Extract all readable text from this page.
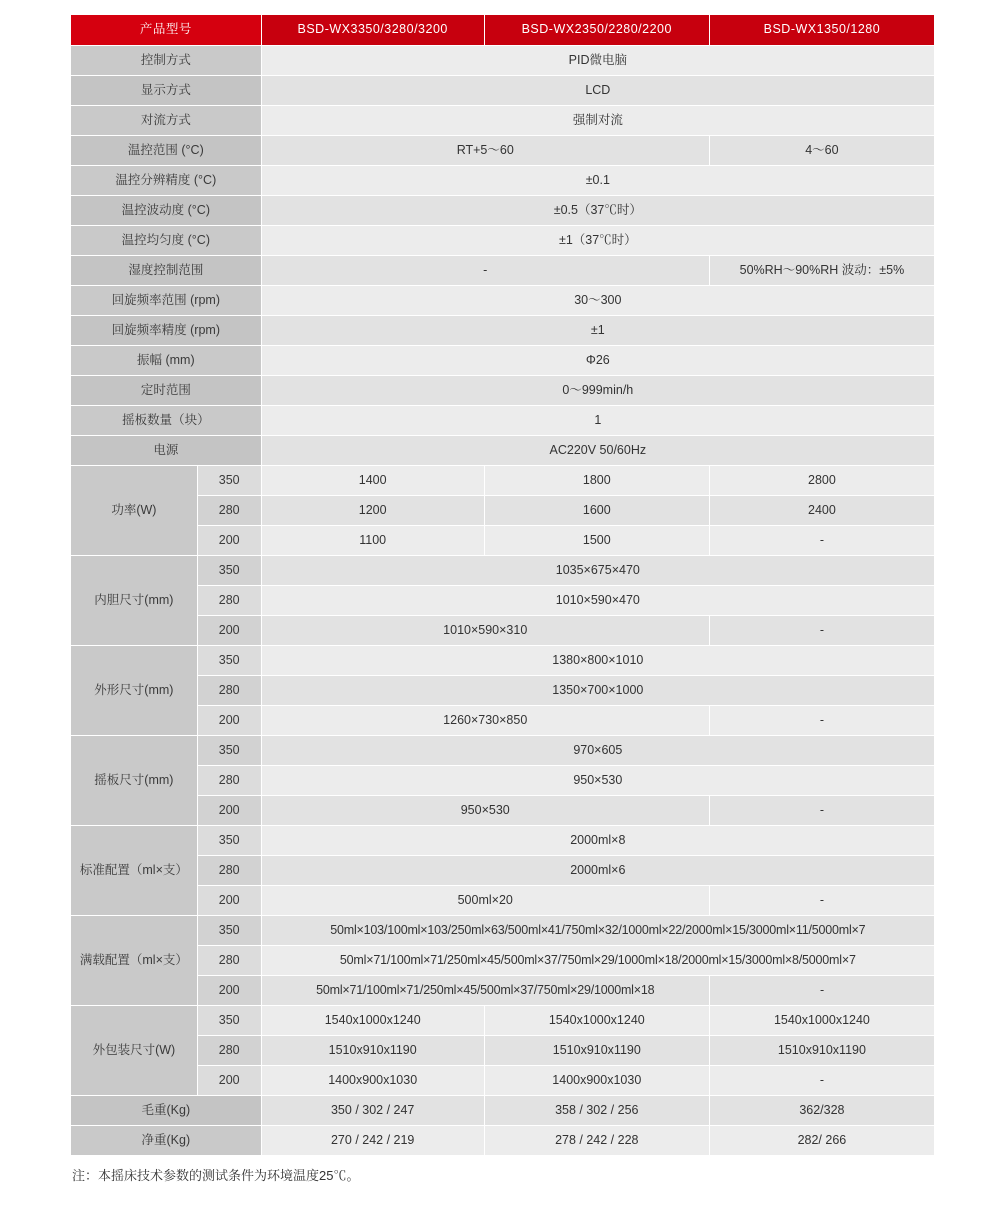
产品型号		BSD-WX3350/3280/3200	BSD-WX2350/2280/2200	BSD-WX1350/1280
控制方式		PID微电脑		
显示方式		LCD		
对流方式		强制对流		
温控范围 (°C)		RT+5〜60		4〜60
温控分辨精度 (°C)		±0.1		
温控波动度 (°C)		±0.5（37℃时）		
温控均匀度 (°C)		±1（37℃时）		
湿度控制范围		-		50%RH〜90%RH 波动：±5%
回旋频率范围 (rpm)		30〜300		
回旋频率精度 (rpm)		±1		
振幅 (mm)		Φ26		
定时范围		0〜999min/h		
摇板数量（块）		1		
电源		AC220V 50/60Hz		
功率(W)	350	1400	1800	2800
	280	1200	1600	2400
	200	1100	1500	-
内胆尺寸(mm)	350	1035×675×470		
	280	1010×590×470		
	200	1010×590×310		-
外形尺寸(mm)	350	1380×800×1010		
	280	1350×700×1000		
	200	1260×730×850		-
摇板尺寸(mm)	350	970×605		
	280	950×530		
	200	950×530		-
标准配置（ml×支）	350	2000ml×8		
	280	2000ml×6		
	200	500ml×20		-
满载配置（ml×支）	350	50ml×103/100ml×103/250ml×63/500ml×41/750ml×32/1000ml×22/2000ml×15/3000ml×11/5000ml×7		
	280	50ml×71/100ml×71/250ml×45/500ml×37/750ml×29/1000ml×18/2000ml×15/3000ml×8/5000ml×7		
	200	50ml×71/100ml×71/250ml×45/500ml×37/750ml×29/1000ml×18		-
外包装尺寸(W)	350	1540x1000x1240	1540x1000x1240	1540x1000x1240
	280	1510x910x1190	1510x910x1190	1510x910x1190
	200	1400x900x1030	1400x900x1030	-
毛重(Kg)		350 / 302 / 247	358 / 302 / 256	362/328
净重(Kg)		270 / 242 / 219	278 / 242 / 228	282/ 266
注：本摇床技术参数的测试条件为环境温度25℃。
